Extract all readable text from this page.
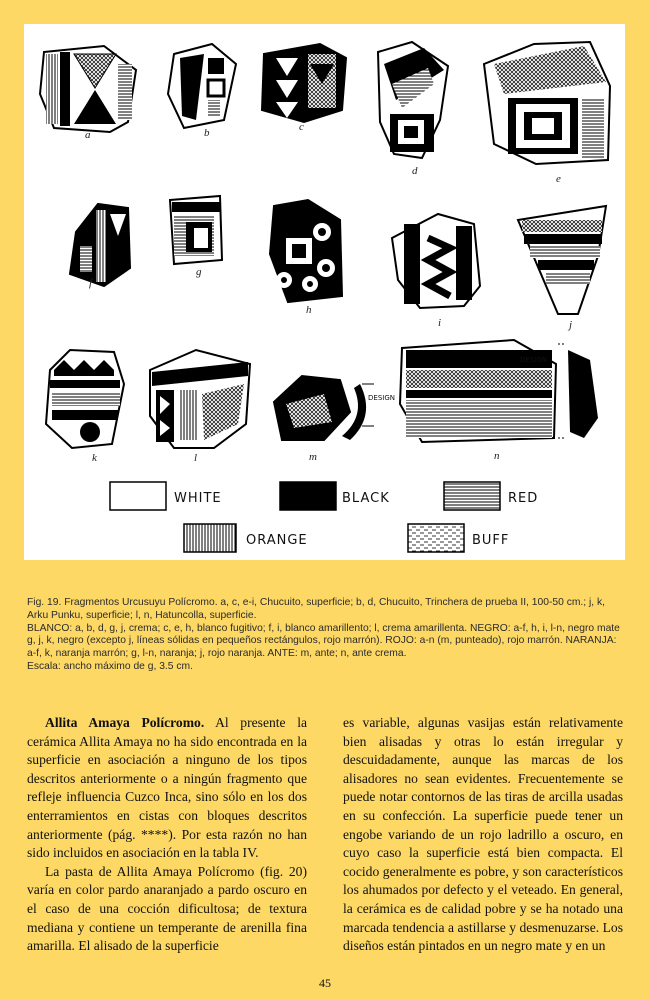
DESIGN
DESIGN
a	b	c
d
e
f
g
h
i	j
k	l	m	n
WHITE	BLACK	RED
ORANGE	BUFF

Fig. 19. Fragmentos Urcusuyu Polícromo. a, c, e-i, Chucuito, superficie; b, d, Chucuito, Trinchera de prueba II, 100-50 cm.; j, k, Arku Punku, superficie; l, n, Hatuncolla, superficie.

BLANCO: a, b, d, g, j, crema; c, e, h, blanco fugitivo; f, i, blanco amarillento; l, crema amarillenta. NEGRO: a-f, h, i, l-n, negro mate g, j, k, negro (excepto j, líneas sólidas en pequeños rectángulos, rojo marrón). ROJO: a-n (m, punteado), rojo marrón. NARANJA: a-f, k, naranja marrón; g, l-n, naranja; j, rojo naranja. ANTE: m, ante; n, ante crema.

Escala: ancho máximo de g, 3.5 cm.

Allita Amaya Polícromo. Al presente la cerámica Allita Amaya no ha sido encontrada en la superficie en asociación a ninguno de los tipos descritos anteriormente o a ningún fragmento que refleje influencia Cuzco Inca, sino sólo en los dos enterramientos en cistas con bloques descritos anteriormente (pág. ****). Por esta razón no han sido incluidos en asociación en la tabla IV.

La pasta de Allita Amaya Polícromo (fig. 20) varía en color pardo anaranjado a pardo oscuro en el caso de una cocción dificultosa; de textura mediana y contiene un temperante de arenilla fina amarilla. El alisado de la superficie

es variable, algunas vasijas están relativamente bien alisadas y otras lo están irregular y descuidadamente, aunque las marcas de los alisadores no sean evidentes. Frecuentemente se puede notar contornos de las tiras de arcilla usadas en su confección. La superficie puede tener un engobe variando de un rojo ladrillo a oscuro, en cuyo caso la superficie está bien compacta. El cocido generalmente es pobre, y son característicos los ahumados por defecto y el veteado. En general, la cerámica es de calidad pobre y se ha notado una marcada tendencia a astillarse y desmenuzarse. Los diseños están pintados en un negro mate y en un

45
